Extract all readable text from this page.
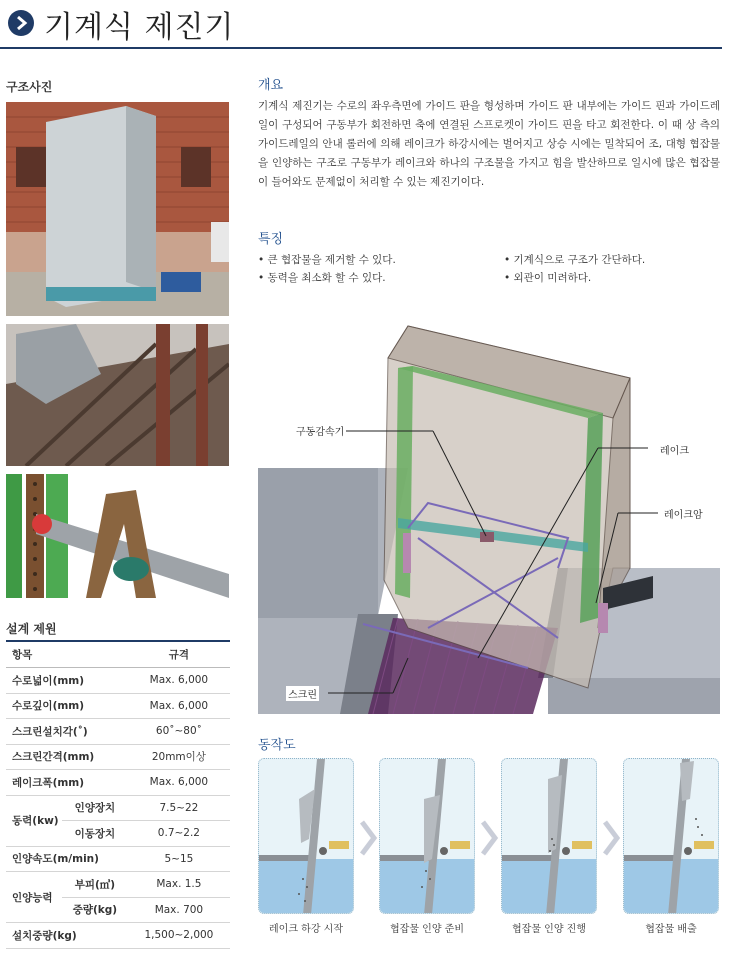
기계식 제진기
구조사진
설계 제원
항목		규격
수로넓이(mm)		Max. 6,000
수로깊이(mm)		Max. 6,000
스크린설치각(˚)		60˚~80˚
스크린간격(mm)		20mm이상
레이크폭(mm)		Max. 6,000
동력(kw)	인양장치	7.5~22
	이동장치	0.7~2.2
인양속도(m/min)		5~15
인양능력	부피(㎥)	Max. 1.5
	중량(kg)	Max. 700
설치중량(kg)		1,500~2,000
개요
기계식 제진기는 수로의 좌우측면에 가이드 판을 형성하며 가이드 판 내부에는 가이드 핀과 가이드레일이 구성되어 구동부가 회전하면 축에 연결된 스프로켓이 가이드 핀을 타고 회전한다. 이 때 상 측의 가이드레일의 안내 롤러에 의해 레이크가 하강시에는 벌어지고 상승 시에는 밀착되어 조, 대형 협잡물을 인양하는 구조로 구동부가 레이크와 하나의 구조물을 가지고 힘을 발산하므로 일시에 많은 협잡물이 들어와도 문제없이 처리할 수 있는 제진기이다.
특징
• 큰 협잡물을 제거할 수 있다.	• 기계식으로 구조가 간단하다.
• 동력을 최소화 할 수 있다.	• 외관이 미려하다.
구동감속기
레이크
레이크암
스크린
동작도
레이크 하강 시작	협잡물 인양 준비	협잡물 인양 진행	협잡물 배출
